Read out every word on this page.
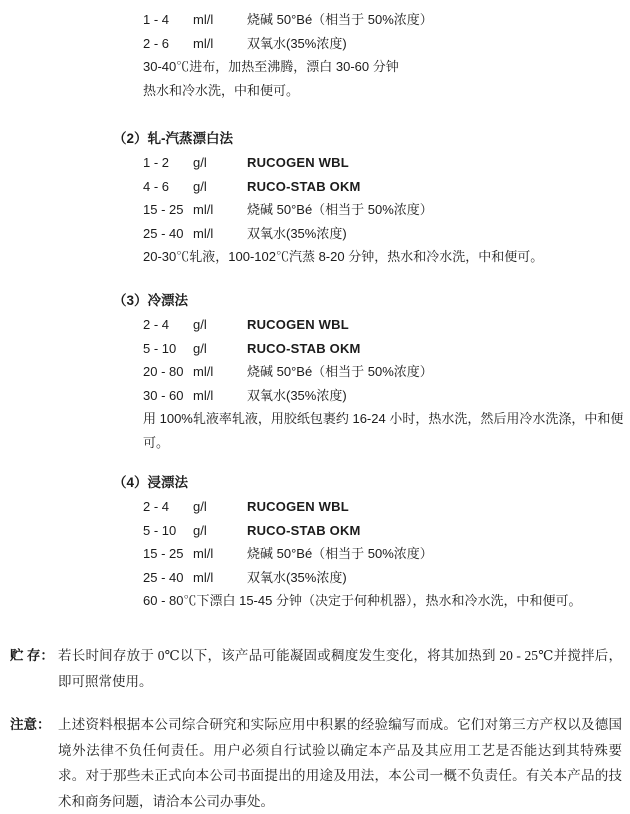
1 - 4	ml/l	烧碱 50°Bé（相当于 50%浓度）
2 - 6	ml/l	双氧水(35%浓度)
30-40℃进布，加热至沸腾，漂白 30-60 分钟
热水和冷水洗，中和便可。
（2）轧-汽蒸漂白法
1 - 2	g/l	RUCOGEN WBL
4 - 6	g/l	RUCO-STAB OKM
15 - 25 ml/l	烧碱 50°Bé（相当于 50%浓度）
25 - 40 ml/l	双氧水(35%浓度)
20-30℃轧液，100-102℃汽蒸 8-20 分钟，热水和冷水洗，中和便可。
（3）冷漂法
2 - 4	g/l	RUCOGEN WBL
5 - 10	g/l	RUCO-STAB OKM
20 - 80 ml/l	烧碱 50°Bé（相当于 50%浓度）
30 - 60 ml/l	双氧水(35%浓度)
用 100%轧液率轧液，用胶纸包裹约 16-24 小时，热水洗，然后用冷水洗涤，中和便可。
（4）浸漂法
2 - 4	g/l	RUCOGEN WBL
5 - 10	g/l	RUCO-STAB OKM
15 - 25 ml/l	烧碱 50°Bé（相当于 50%浓度）
25 - 40 ml/l	双氧水(35%浓度)
60 - 80℃下漂白 15-45 分钟（决定于何种机器），热水和冷水洗，中和便可。
贮 存： 若长时间存放于 0℃以下，该产品可能凝固或稠度发生变化，将其加热到 20 - 25℃并搅拌后，即可照常使用。
注意： 上述资料根据本公司综合研究和实际应用中积累的经验编写而成。它们对第三方产权以及德国境外法律不负任何责任。用户必须自行试验以确定本产品及其应用工艺是否能达到其特殊要求。对于那些未正式向本公司书面提出的用途及用法，本公司一概不负责任。有关本产品的技术和商务问题，请洽本公司办事处。
